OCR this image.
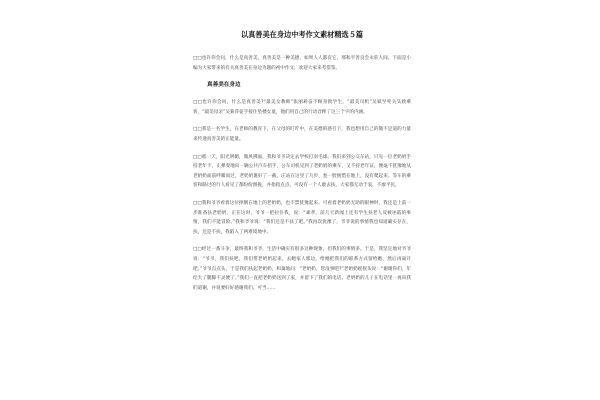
以真善美在身边中考作文素材精选５篇

□□也许你会问，什么是真善美，真善美是一种美德，如果人人都有它，那和平善良会永驻人间。下面是小编为大家带来的有关真善美在身边为题的初中作文，欢迎大家来考借鉴。

真善美在身边

□□也许你会问，什么是真善美?“最美女教师”张丽莉奋不顾身救学生，“最美司机”吴斌至死关头救乘客，“最美母亲”吴菊萍徒手接住坠楼女童，他们用自己的行动诠释了这三个字的内涵。

□□我是一名学生，在老师的教育下，在父母的叮咛中，在美德的感召下，我也想用自己的微不足道的力量来传递真善美的正能量。

□□那一天，阳光明媚，微风拂面，我和爷爷决定去学校打羽毛球。我们来到公交车站，只见一位老奶奶手持老年卡，正弹奏地向一辆公共汽车招手，公车司机见到了老奶奶的乘车，又不持老年证，便毫不犹豫地从老奶奶面前呼啸而过，老奶奶裹好了一截，庄站在这里了几步，瓮一脸惋惜在地上，没有爬起来。等车的乘客和路过的行人看见了都纷纷围拢，并指指点点，可没有一个人敢去扶，大家都无动于衷，不敢平民。

□□我和爷爷看着这位摔倒在地上的老奶奶，也不禁犹豫起来。可看着老奶奶无助的眼神时，我还是上前一步准备扶老奶奶，正在这时，爷爷一把拉住我，说：“乖孝，前几天新闻上还有学生扶老人反被诬陷的事情，我们不能冒险。”我和爷爷说：“我们还是不扶了吧。”我再次犹豫了，爷爷说的事情我也知道确实存在，扶，还是不扶，我陷入了两难境地中。

□□经过一番斗争，最终我和爷爷，生活中确实有很多这种现象，但我们的事情多。于是，我坚定地对爷爷说：“爷爷，我们扶吧，我们帮老奶奶起来，去她家人那边，给她把我们的联系方式留给她，然后再离开吧。”爷爷点点头，于是我们扶起老奶奶，和蔼地问：“老奶奶，您没事吧?”老奶奶摇摇头说：“谢谢你们，年纪大了腿脚不灵便了。”我们一直把老奶奶送到了家，并留下了我们的电话。老奶奶的儿子在电话里一再向我们道谢，并说要好好感谢我们。可当……
